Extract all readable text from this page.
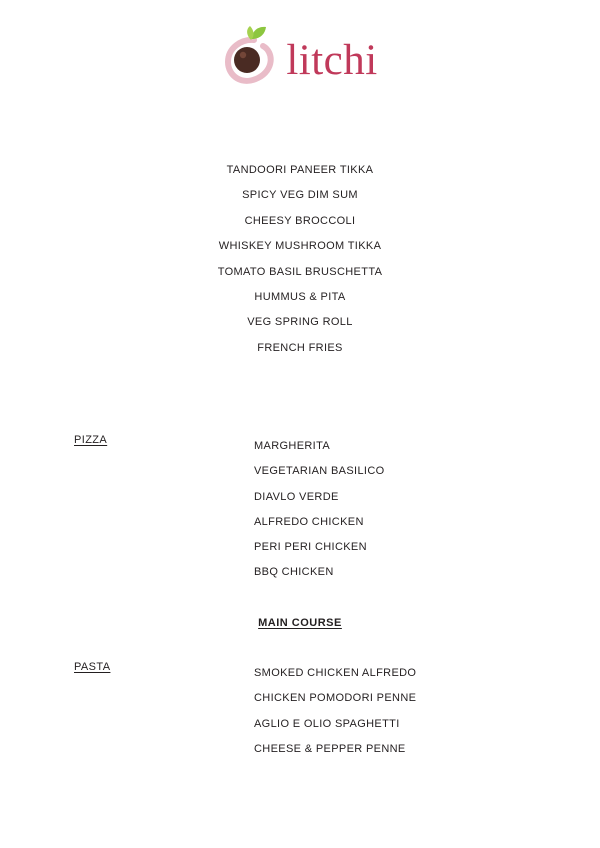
litchi
TANDOORI PANEER TIKKA
SPICY VEG DIM SUM
CHEESY BROCCOLI
WHISKEY MUSHROOM TIKKA
TOMATO BASIL BRUSCHETTA
HUMMUS & PITA
VEG SPRING ROLL
FRENCH FRIES
PIZZA	MARGHERITA
VEGETARIAN BASILICO
DIAVLO VERDE
ALFREDO CHICKEN
PERI PERI CHICKEN
BBQ CHICKEN
MAIN COURSE
PASTA	SMOKED CHICKEN ALFREDO
CHICKEN POMODORI PENNE
AGLIO E OLIO SPAGHETTI
CHEESE & PEPPER PENNE
